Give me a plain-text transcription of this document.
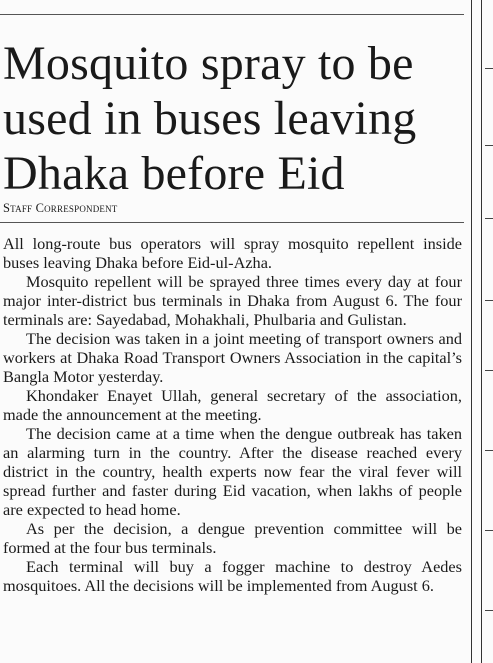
Mosquito spray to be used in buses leaving Dhaka before Eid
Staff Correspondent

All long-route bus operators will spray mosquito repellent inside buses leaving Dhaka before Eid-ul-Azha.

Mosquito repellent will be sprayed three times every day at four major inter-district bus terminals in Dhaka from August 6. The four terminals are: Sayedabad, Mohakhali, Phulbaria and Gulistan.

The decision was taken in a joint meeting of transport owners and workers at Dhaka Road Transport Owners Association in the capital’s Bangla Motor yesterday.

Khondaker Enayet Ullah, general secretary of the association, made the announcement at the meeting.

The decision came at a time when the dengue outbreak has taken an alarming turn in the country. After the disease reached every district in the country, health experts now fear the viral fever will spread further and faster during Eid vacation, when lakhs of people are expected to head home.

As per the decision, a dengue prevention committee will be formed at the four bus terminals.

Each terminal will buy a fogger machine to destroy Aedes mosquitoes. All the decisions will be implemented from August 6.
